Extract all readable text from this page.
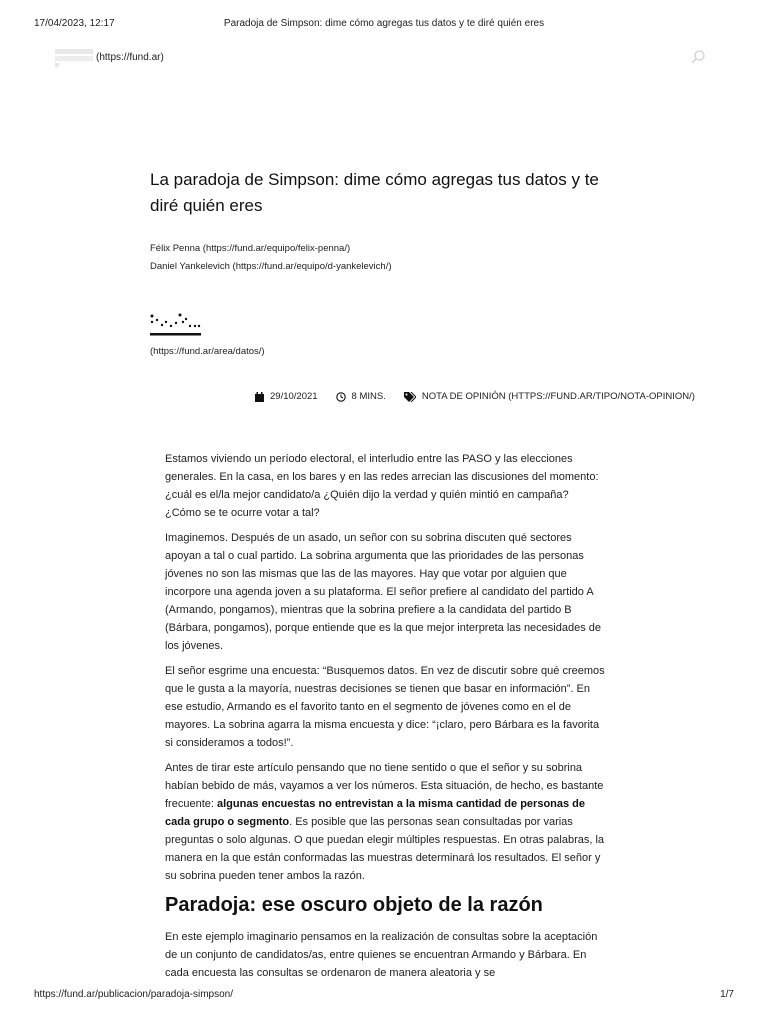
17/04/2023, 12:17	Paradoja de Simpson: dime cómo agregas tus datos y te diré quién eres
(https://fund.ar)
La paradoja de Simpson: dime cómo agregas tus datos y te diré quién eres
Félix Penna (https://fund.ar/equipo/felix-penna/)
Daniel Yankelevich (https://fund.ar/equipo/d-yankelevich/)
(https://fund.ar/area/datos/)
29/10/2021	8 MINS.	NOTA DE OPINIÓN (HTTPS://FUND.AR/TIPO/NOTA-OPINION/)

Estamos viviendo un período electoral, el interludio entre las PASO y las elecciones generales. En la casa, en los bares y en las redes arrecian las discusiones del momento: ¿cuál es el/la mejor candidato/a ¿Quién dijo la verdad y quién mintió en campaña? ¿Cómo se te ocurre votar a tal?

Imaginemos. Después de un asado, un señor con su sobrina discuten qué sectores apoyan a tal o cual partido. La sobrina argumenta que las prioridades de las personas jóvenes no son las mismas que las de las mayores. Hay que votar por alguien que incorpore una agenda joven a su plataforma. El señor prefiere al candidato del partido A (Armando, pongamos), mientras que la sobrina prefiere a la candidata del partido B (Bárbara, pongamos), porque entiende que es la que mejor interpreta las necesidades de los jóvenes.

El señor esgrime una encuesta: “Busquemos datos. En vez de discutir sobre qué creemos que le gusta a la mayoría, nuestras decisiones se tienen que basar en información”. En ese estudio, Armando es el favorito tanto en el segmento de jóvenes como en el de mayores. La sobrina agarra la misma encuesta y dice: “¡claro, pero Bárbara es la favorita si consideramos a todos!”.

Antes de tirar este artículo pensando que no tiene sentido o que el señor y su sobrina habían bebido de más, vayamos a ver los números. Esta situación, de hecho, es bastante frecuente: algunas encuestas no entrevistan a la misma cantidad de personas de cada grupo o segmento. Es posible que las personas sean consultadas por varias preguntas o solo algunas. O que puedan elegir múltiples respuestas. En otras palabras, la manera en la que están conformadas las muestras determinará los resultados. El señor y su sobrina pueden tener ambos la razón.

Paradoja: ese oscuro objeto de la razón

En este ejemplo imaginario pensamos en la realización de consultas sobre la aceptación de un conjunto de candidatos/as, entre quienes se encuentran Armando y Bárbara. En cada encuesta las consultas se ordenaron de manera aleatoria y se

https://fund.ar/publicacion/paradoja-simpson/	1/7
